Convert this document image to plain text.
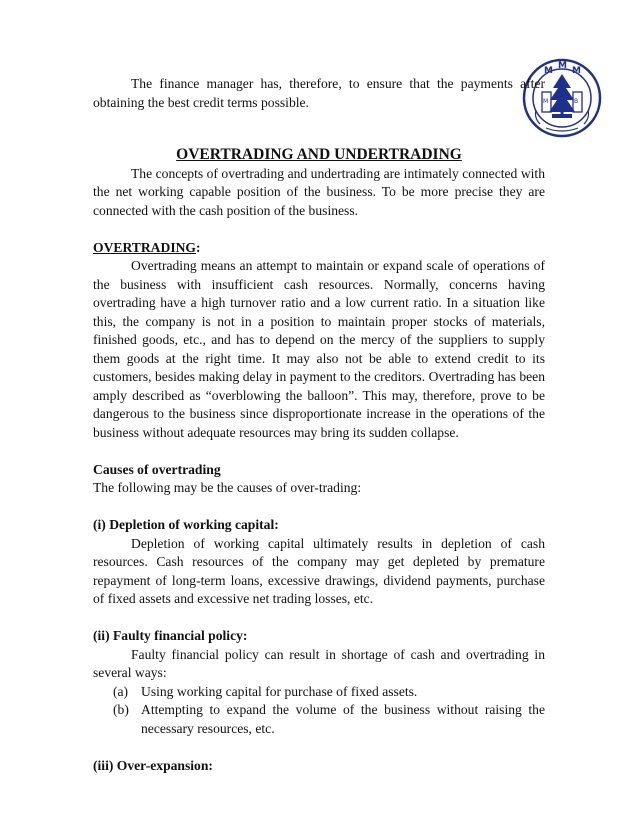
M M M
M	B

The finance manager has, therefore, to ensure that the payments after obtaining the best credit terms possible.

OVERTRADING AND UNDERTRADING

The concepts of overtrading and undertrading are intimately connected with the net working capable position of the business. To be more precise they are connected with the cash position of the business.

OVERTRADING:

Overtrading means an attempt to maintain or expand scale of operations of the business with insufficient cash resources. Normally, concerns having overtrading have a high turnover ratio and a low current ratio. In a situation like this, the company is not in a position to maintain proper stocks of materials, finished goods, etc., and has to depend on the mercy of the suppliers to supply them goods at the right time. It may also not be able to extend credit to its customers, besides making delay in payment to the creditors. Overtrading has been amply described as “overblowing the balloon”. This may, therefore, prove to be dangerous to the business since disproportionate increase in the operations of the business without adequate resources may bring its sudden collapse.

Causes of overtrading

The following may be the causes of over-trading:

(i) Depletion of working capital:

Depletion of working capital ultimately results in depletion of cash resources. Cash resources of the company may get depleted by premature repayment of long-term loans, excessive drawings, dividend payments, purchase of fixed assets and excessive net trading losses, etc.

(ii) Faulty financial policy:

Faulty financial policy can result in shortage of cash and overtrading in several ways:

(a) Using working capital for purchase of fixed assets.
(b) Attempting to expand the volume of the business without raising the necessary resources, etc.

(iii) Over-expansion:
